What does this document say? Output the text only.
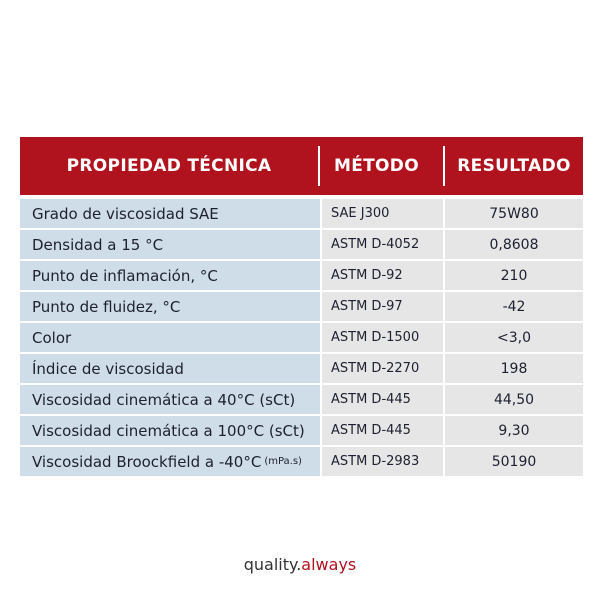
PROPIEDAD TÉCNICA	MÉTODO	RESULTADO
Grado de viscosidad SAE	SAE J300	75W80
Densidad a 15 °C	ASTM D-4052	0,8608
Punto de inflamación, °C	ASTM D-92	210
Punto de fluidez, °C	ASTM D-97	-42
Color	ASTM D-1500	<3,0
Índice de viscosidad	ASTM D-2270	198
Viscosidad cinemática a 40°C (sCt)	ASTM D-445	44,50
Viscosidad cinemática a 100°C (sCt)	ASTM D-445	9,30
Viscosidad Broockfield a -40°C (mPa.s)	ASTM D-2983	50190
quality.always
